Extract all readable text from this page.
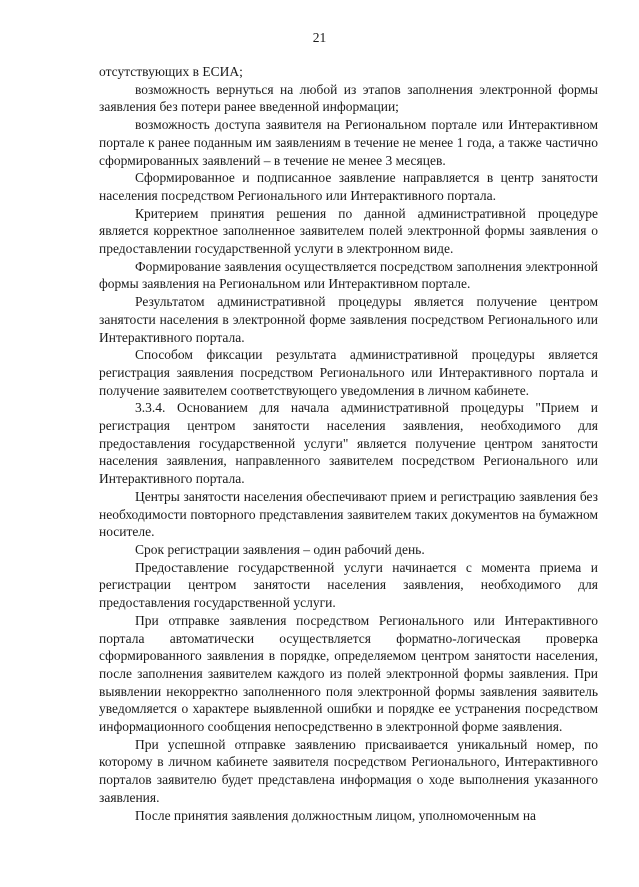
21

отсутствующих в ЕСИА;

возможность вернуться на любой из этапов заполнения электронной формы заявления без потери ранее введенной информации;

возможность доступа заявителя на Региональном портале или Интерактивном портале к ранее поданным им заявлениям в течение не менее 1 года, а также частично сформированных заявлений – в течение не менее 3 месяцев.

Сформированное и подписанное заявление направляется в центр занятости населения посредством Регионального или Интерактивного портала.

Критерием принятия решения по данной административной процедуре является корректное заполненное заявителем полей электронной формы заявления о предоставлении государственной услуги в электронном виде.

Формирование заявления осуществляется посредством заполнения электронной формы заявления на Региональном или Интерактивном портале.

Результатом административной процедуры является получение центром занятости населения в электронной форме заявления посредством Регионального или Интерактивного портала.

Способом фиксации результата административной процедуры является регистрация заявления посредством Регионального или Интерактивного портала и получение заявителем соответствующего уведомления в личном кабинете.

3.3.4. Основанием для начала административной процедуры "Прием и регистрация центром занятости населения заявления, необходимого для предоставления государственной услуги" является получение центром занятости населения заявления, направленного заявителем посредством Регионального или Интерактивного портала.

Центры занятости населения обеспечивают прием и регистрацию заявления без необходимости повторного представления заявителем таких документов на бумажном носителе.

Срок регистрации заявления – один рабочий день.

Предоставление государственной услуги начинается с момента приема и регистрации центром занятости населения заявления, необходимого для предоставления государственной услуги.

При отправке заявления посредством Регионального или Интерактивного портала автоматически осуществляется форматно-логическая проверка сформированного заявления в порядке, определяемом центром занятости населения, после заполнения заявителем каждого из полей электронной формы заявления. При выявлении некорректно заполненного поля электронной формы заявления заявитель уведомляется о характере выявленной ошибки и порядке ее устранения посредством информационного сообщения непосредственно в электронной форме заявления.

При успешной отправке заявлению присваивается уникальный номер, по которому в личном кабинете заявителя посредством Регионального, Интерактивного порталов заявителю будет представлена информация о ходе выполнения указанного заявления.

После принятия заявления должностным лицом, уполномоченным на
